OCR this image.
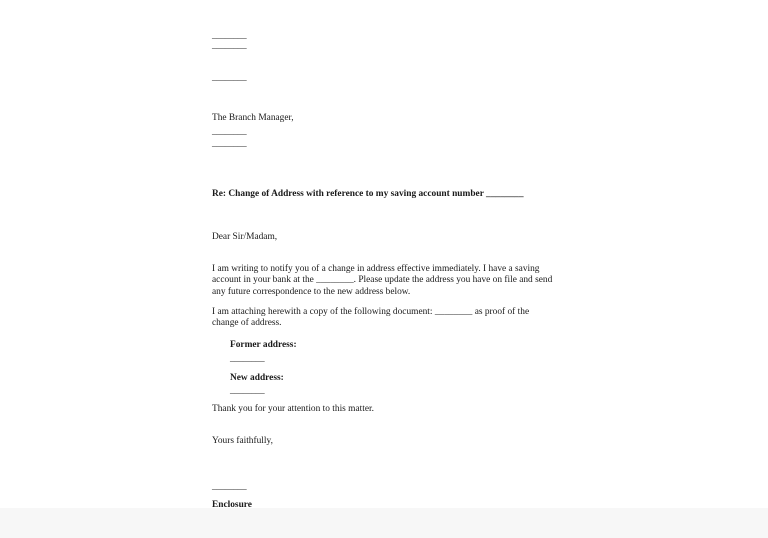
________
________
________
The Branch Manager,
________
________
Re: Change of Address with reference to my saving account number ________
Dear Sir/Madam,
I am writing to notify you of a change in address effective immediately. I have a saving account in your bank at the ________. Please update the address you have on file and send any future correspondence to the new address below.
I am attaching herewith a copy of the following document: ________ as proof of the change of address.
Former address:
________
New address:
________
Thank you for your attention to this matter.
Yours faithfully,
________
Enclosure
